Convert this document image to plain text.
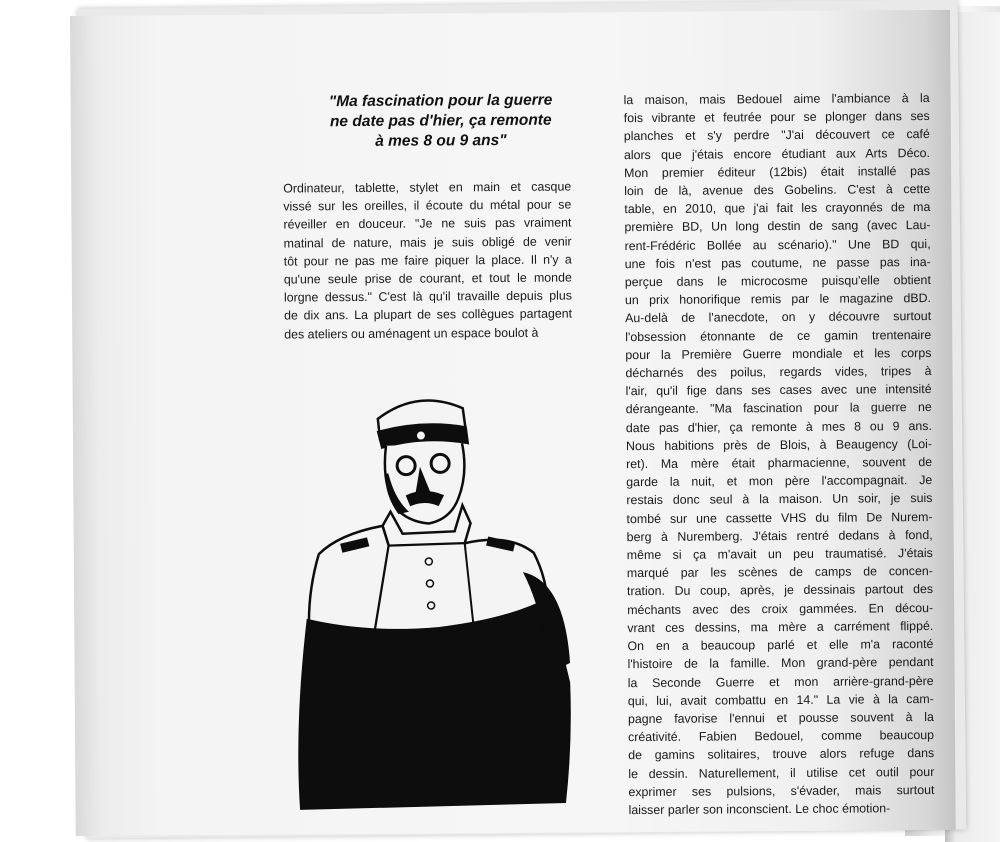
"Ma fascination pour la guerre
ne date pas d'hier, ça remonte
à mes 8 ou 9 ans"
Ordinateur, tablette, stylet en main et casque
vissé sur les oreilles, il écoute du métal pour se
réveiller en douceur. "Je ne suis pas vraiment
matinal de nature, mais je suis obligé de venir
tôt pour ne pas me faire piquer la place. Il n'y a
qu'une seule prise de courant, et tout le monde
lorgne dessus." C'est là qu'il travaille depuis plus
de dix ans. La plupart de ses collègues partagent
des ateliers ou aménagent un espace boulot à
la maison, mais Bedouel aime l'ambiance à la
fois vibrante et feutrée pour se plonger dans ses
planches et s'y perdre "J'ai découvert ce café
alors que j'étais encore étudiant aux Arts Déco.
Mon premier éditeur (12bis) était installé pas
loin de là, avenue des Gobelins. C'est à cette
table, en 2010, que j'ai fait les crayonnés de ma
première BD, Un long destin de sang (avec Lau-
rent-Frédéric Bollée au scénario)." Une BD qui,
une fois n'est pas coutume, ne passe pas ina-
perçue dans le microcosme puisqu'elle obtient
un prix honorifique remis par le magazine dBD.
Au-delà de l'anecdote, on y découvre surtout
l'obsession étonnante de ce gamin trentenaire
pour la Première Guerre mondiale et les corps
décharnés des poilus, regards vides, tripes à
l'air, qu'il fige dans ses cases avec une intensité
dérangeante. "Ma fascination pour la guerre ne
date pas d'hier, ça remonte à mes 8 ou 9 ans.
Nous habitions près de Blois, à Beaugency (Loi-
ret). Ma mère était pharmacienne, souvent de
garde la nuit, et mon père l'accompagnait. Je
restais donc seul à la maison. Un soir, je suis
tombé sur une cassette VHS du film De Nurem-
berg à Nuremberg. J'étais rentré dedans à fond,
même si ça m'avait un peu traumatisé. J'étais
marqué par les scènes de camps de concen-
tration. Du coup, après, je dessinais partout des
méchants avec des croix gammées. En décou-
vrant ces dessins, ma mère a carrément flippé.
On en a beaucoup parlé et elle m'a raconté
l'histoire de la famille. Mon grand-père pendant
la Seconde Guerre et mon arrière-grand-père
qui, lui, avait combattu en 14." La vie à la cam-
pagne favorise l'ennui et pousse souvent à la
créativité. Fabien Bedouel, comme beaucoup
de gamins solitaires, trouve alors refuge dans
le dessin. Naturellement, il utilise cet outil pour
exprimer ses pulsions, s'évader, mais surtout
laisser parler son inconscient. Le choc émotion-
